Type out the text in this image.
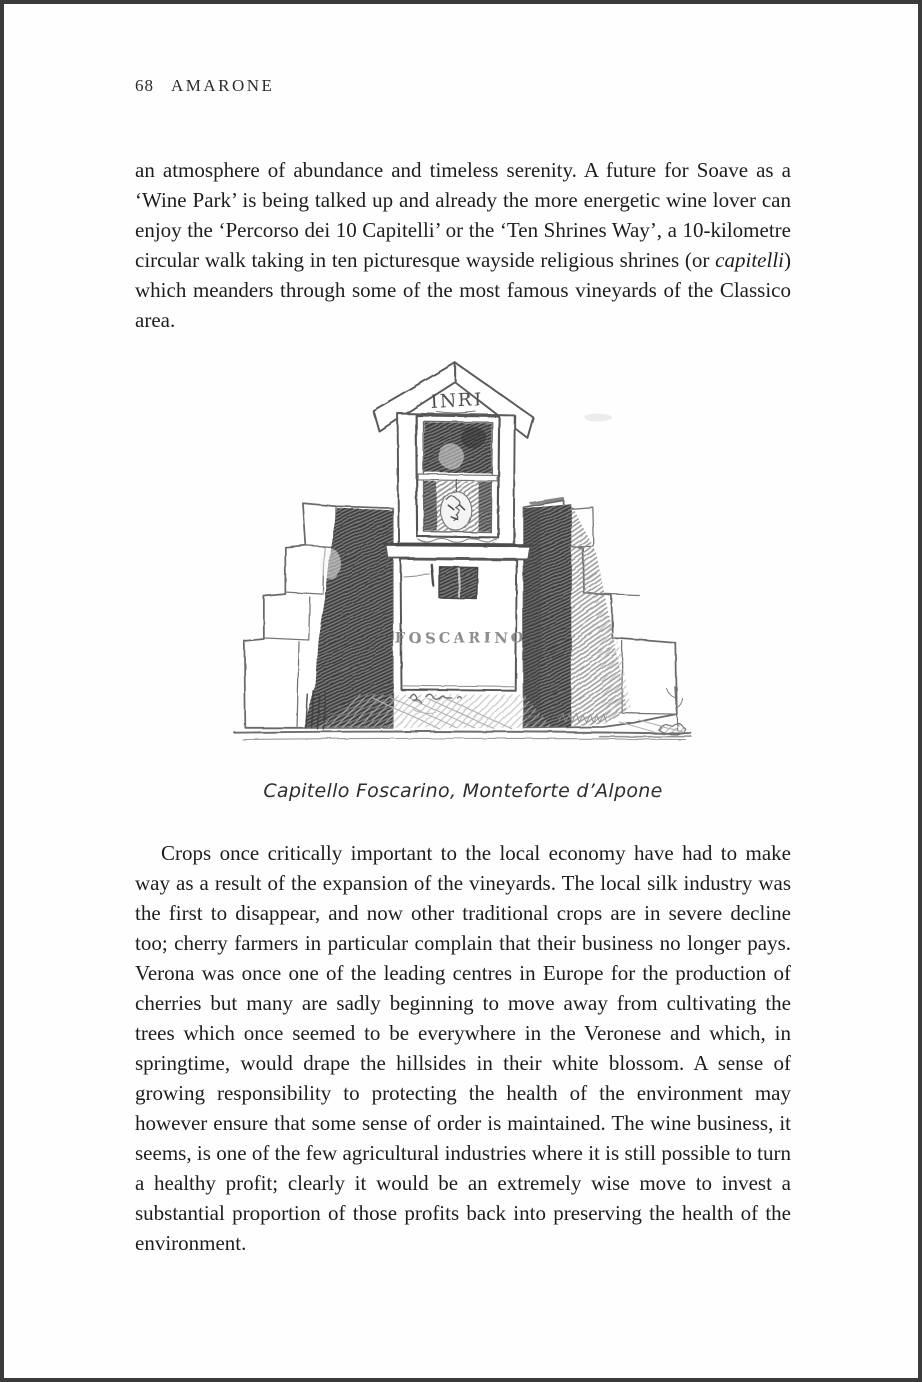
68 AMARONE

an atmosphere of abundance and timeless serenity. A future for Soave as a ‘Wine Park’ is being talked up and already the more energetic wine lover can enjoy the ‘Percorso dei 10 Capitelli’ or the ‘Ten Shrines Way’, a 10-kilometre circular walk taking in ten picturesque wayside religious shrines (or capitelli) which meanders through some of the most famous vineyards of the Classico area.

INRI
FOSCARINO
Capitello Foscarino, Monteforte d’Alpone

Crops once critically important to the local economy have had to make way as a result of the expansion of the vineyards. The local silk industry was the first to disappear, and now other traditional crops are in severe decline too; cherry farmers in particular complain that their business no longer pays. Verona was once one of the leading centres in Europe for the production of cherries but many are sadly beginning to move away from cultivating the trees which once seemed to be everywhere in the Veronese and which, in springtime, would drape the hillsides in their white blossom. A sense of growing responsibility to protecting the health of the environment may however ensure that some sense of order is maintained. The wine business, it seems, is one of the few agricultural industries where it is still possible to turn a healthy profit; clearly it would be an extremely wise move to invest a substantial proportion of those profits back into preserving the health of the environment.
